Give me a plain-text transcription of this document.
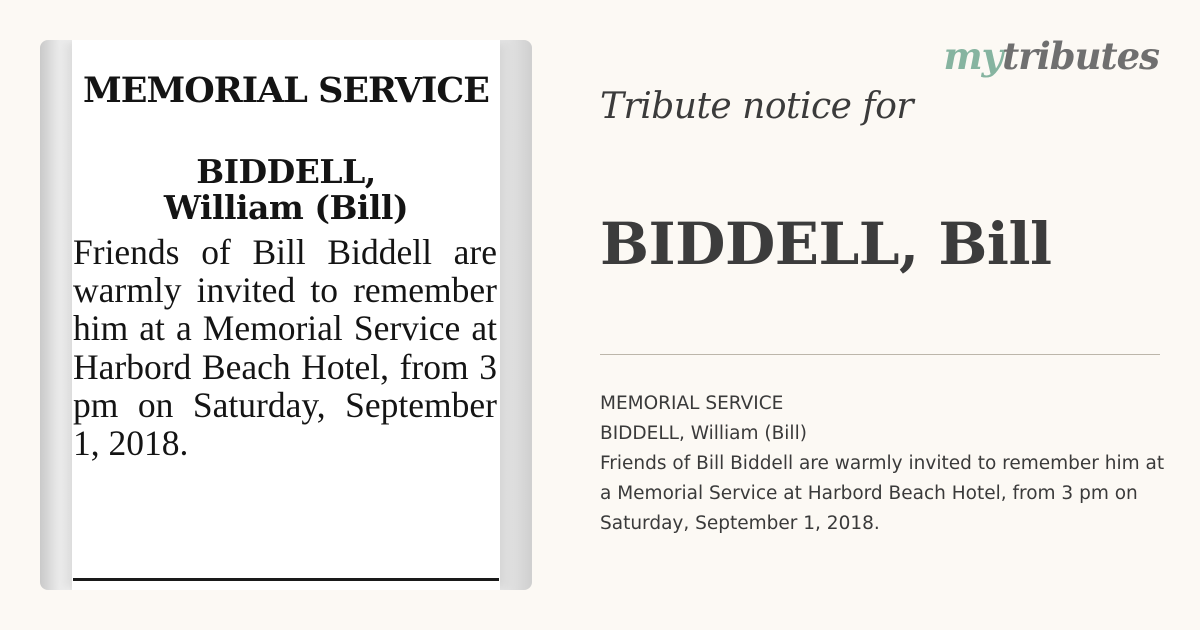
MEMORIAL SERVICE
BIDDELL,
William (Bill)
Friends of Bill Biddell are warmly invited to remember him at a Memorial Service at Harbord Beach Hotel, from 3 pm on Saturday, September 1, 2018.
mytributes
Tribute notice for
BIDDELL, Bill
MEMORIAL SERVICE
BIDDELL, William (Bill)
Friends of Bill Biddell are warmly invited to remember him at a Memorial Service at Harbord Beach Hotel, from 3 pm on Saturday, September 1, 2018.
